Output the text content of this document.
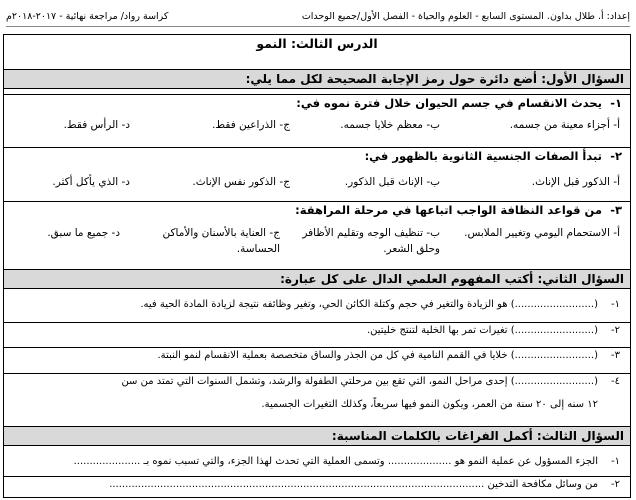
إعداد: أ. طلال بداون. المستوى السابع - العلوم والحياة - الفصل الأول/جميع الوحدات
كراسة رواد/ مراجعة نهائية - ٢٠١٧-٢٠١٨م
الدرس الثالث: النمو
السؤال الأول: أضع دائرة حول رمز الإجابة الصحيحة لكل مما يلي:
١-يحدث الانقسام في جسم الحيوان خلال فترة نموه في:
أ- أجزاء معينة من جسمه.
ب- معظم خلايا جسمه.
ج- الذراعين فقط.
د- الرأس فقط.
٢-تبدأ الصفات الجنسية الثانوية بالظهور في:
أ- الذكور قبل الإناث.
ب- الإناث قبل الذكور.
ج- الذكور نفس الإناث.
د- الذي يأكل أكثر.
٣-من قواعد النظافة الواجب اتباعها في مرحلة المراهقة:
أ- الاستحمام اليومي وتغيير الملابس.
ب- تنظيف الوجه وتقليم الأظافر وحلق الشعر.
ج- العناية بالأسنان والأماكن الحساسة.
د- جميع ما سبق.
السؤال الثاني: أكتب المفهوم العلمي الدال على كل عبارة:
١-(.........................) هو الزيادة والتغير في حجم وكتلة الكائن الحي، وتغير وظائفه نتيجة لزيادة المادة الحية فيه.
٢-(.........................) تغيرات تمر بها الخلية لتنتج خليتين.
٣-(.........................) خلايا في القمم النامية في كل من الجذر والساق متخصصة بعملية الانقسام لنمو النبتة.
٤-(.........................) إحدى مراحل النمو، التي تقع بين مرحلتي الطفولة والرشد، وتشمل السنوات التي تمتد من سن
١٢ سنه إلى ٢٠ سنة من العمر، ويكون النمو فيها سريعاً، وكذلك التغيرات الجسمية.
السؤال الثالث: أكمل الفراغات بالكلمات المناسبة:
١-الجزء المسؤول عن عملية النمو هو .................... وتسمى العملية التي تحدث لهذا الجزء، والتي تسبب نموه بـ .....................
٢-من وسائل مكافحة التدخين ......................................................................................................................
